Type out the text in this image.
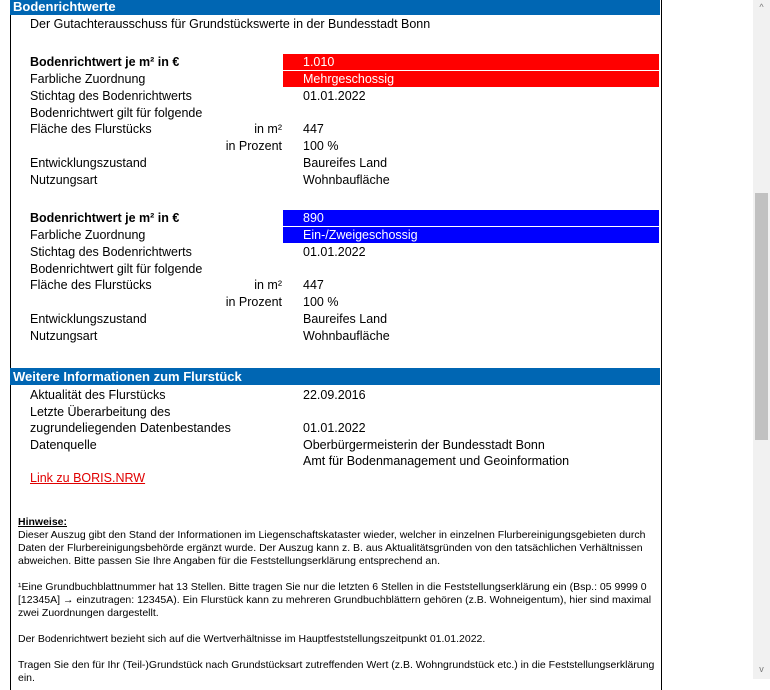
Bodenrichtwerte
Der Gutachterausschuss für Grundstückswerte in der Bundesstadt Bonn
Bodenrichtwert je m² in €	1.010
Farbliche Zuordnung	Mehrgeschossig
Stichtag des Bodenrichtwerts	01.01.2022
Bodenrichtwert gilt für folgende
Fläche des Flurstücks	in m² 447
in Prozent 100 %
Entwicklungszustand	Baureifes Land
Nutzungsart	Wohnbaufläche
Bodenrichtwert je m² in €	890
Farbliche Zuordnung	Ein-/Zweigeschossig
Stichtag des Bodenrichtwerts	01.01.2022
Bodenrichtwert gilt für folgende
Fläche des Flurstücks	in m² 447
in Prozent 100 %
Entwicklungszustand	Baureifes Land
Nutzungsart	Wohnbaufläche
Weitere Informationen zum Flurstück
Aktualität des Flurstücks	22.09.2016
Letzte Überarbeitung des
zugrundeliegenden Datenbestandes	01.01.2022
Datenquelle	Oberbürgermeisterin der Bundesstadt Bonn
Amt für Bodenmanagement und Geoinformation
Link zu BORIS.NRW
Hinweise:
Dieser Auszug gibt den Stand der Informationen im Liegenschaftskataster wieder, welcher in einzelnen Flurbereinigungsgebieten durch Daten der Flurbereinigungsbehörde ergänzt wurde. Der Auszug kann z. B. aus Aktualitätsgründen von den tatsächlichen Verhältnissen abweichen. Bitte passen Sie Ihre Angaben für die Feststellungserklärung entsprechend an.
¹Eine Grundbuchblattnummer hat 13 Stellen. Bitte tragen Sie nur die letzten 6 Stellen in die Feststellungserklärung ein (Bsp.: 05 9999 0 [12345A] → einzutragen: 12345A). Ein Flurstück kann zu mehreren Grundbuchblättern gehören (z.B. Wohneigentum), hier sind maximal zwei Zuordnungen dargestellt.
Der Bodenrichtwert bezieht sich auf die Wertverhältnisse im Hauptfeststellungszeitpunkt 01.01.2022.
Tragen Sie den für Ihr (Teil-)Grundstück nach Grundstücksart zutreffenden Wert (z.B. Wohngrundstück etc.) in die Feststellungserklärung ein.
^
v
